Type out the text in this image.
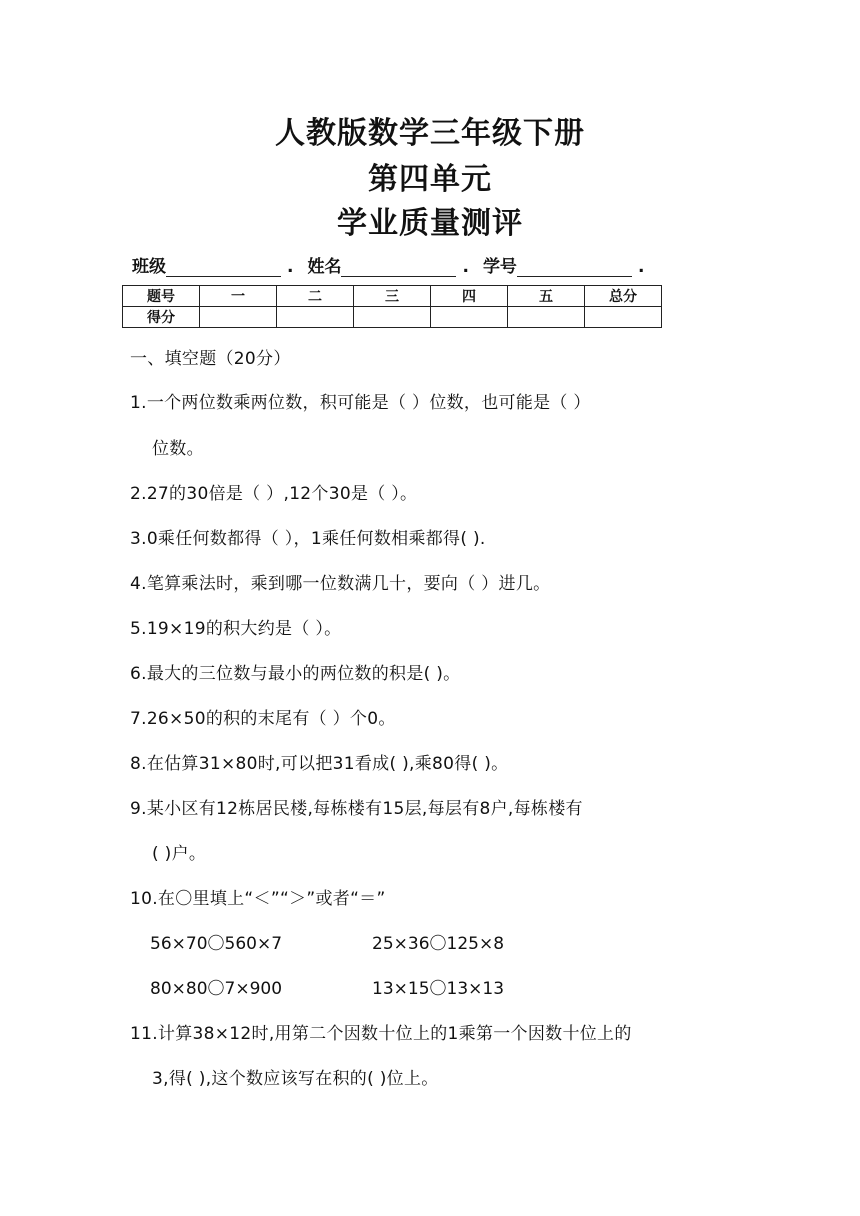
人教版数学三年级下册
第四单元
学业质量测评
班级	. 姓名	. 学号	.
题号	一	二	三	四	五	总分
得分						

一、填空题（20分）

1.一个两位数乘两位数，积可能是（ ）位数，也可能是（ ）

位数。

2.27的30倍是（ ）,12个30是（ ）。

3.0乘任何数都得（ ），1乘任何数相乘都得( ).

4.笔算乘法时，乘到哪一位数满几十，要向（ ）进几。

5.19×19的积大约是（ ）。

6.最大的三位数与最小的两位数的积是( )。

7.26×50的积的末尾有（ ）个0。

8.在估算31×80时,可以把31看成( ),乘80得( )。

9.某小区有12栋居民楼,每栋楼有15层,每层有8户,每栋楼有

( )户。

10.在〇里填上“＜”“＞”或者“＝”

56×70〇560×7	25×36〇125×8
80×80〇7×900	13×15〇13×13

11.计算38×12时,用第二个因数十位上的1乘第一个因数十位上的

3,得( ),这个数应该写在积的( )位上。
